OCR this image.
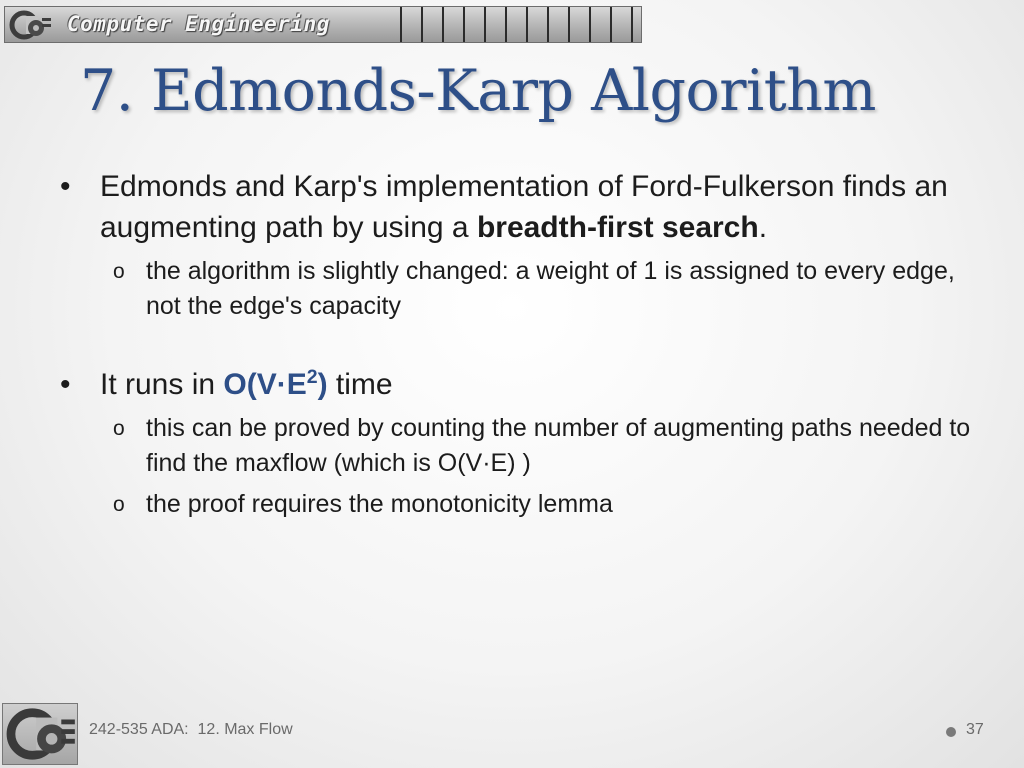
Computer Engineering
7. Edmonds-Karp Algorithm
• Edmonds and Karp's implementation of Ford-Fulkerson finds an augmenting path by using a breadth-first search.
o the algorithm is slightly changed: a weight of 1 is assigned to every edge, not the edge's capacity
• It runs in $O(V\cdot E^2)$ time
o this can be proved by counting the number of augmenting paths needed to find the maxflow (which is O(V·E) )
o the proof requires the monotonicity lemma
242-535 ADA:  12. Max Flow	37
